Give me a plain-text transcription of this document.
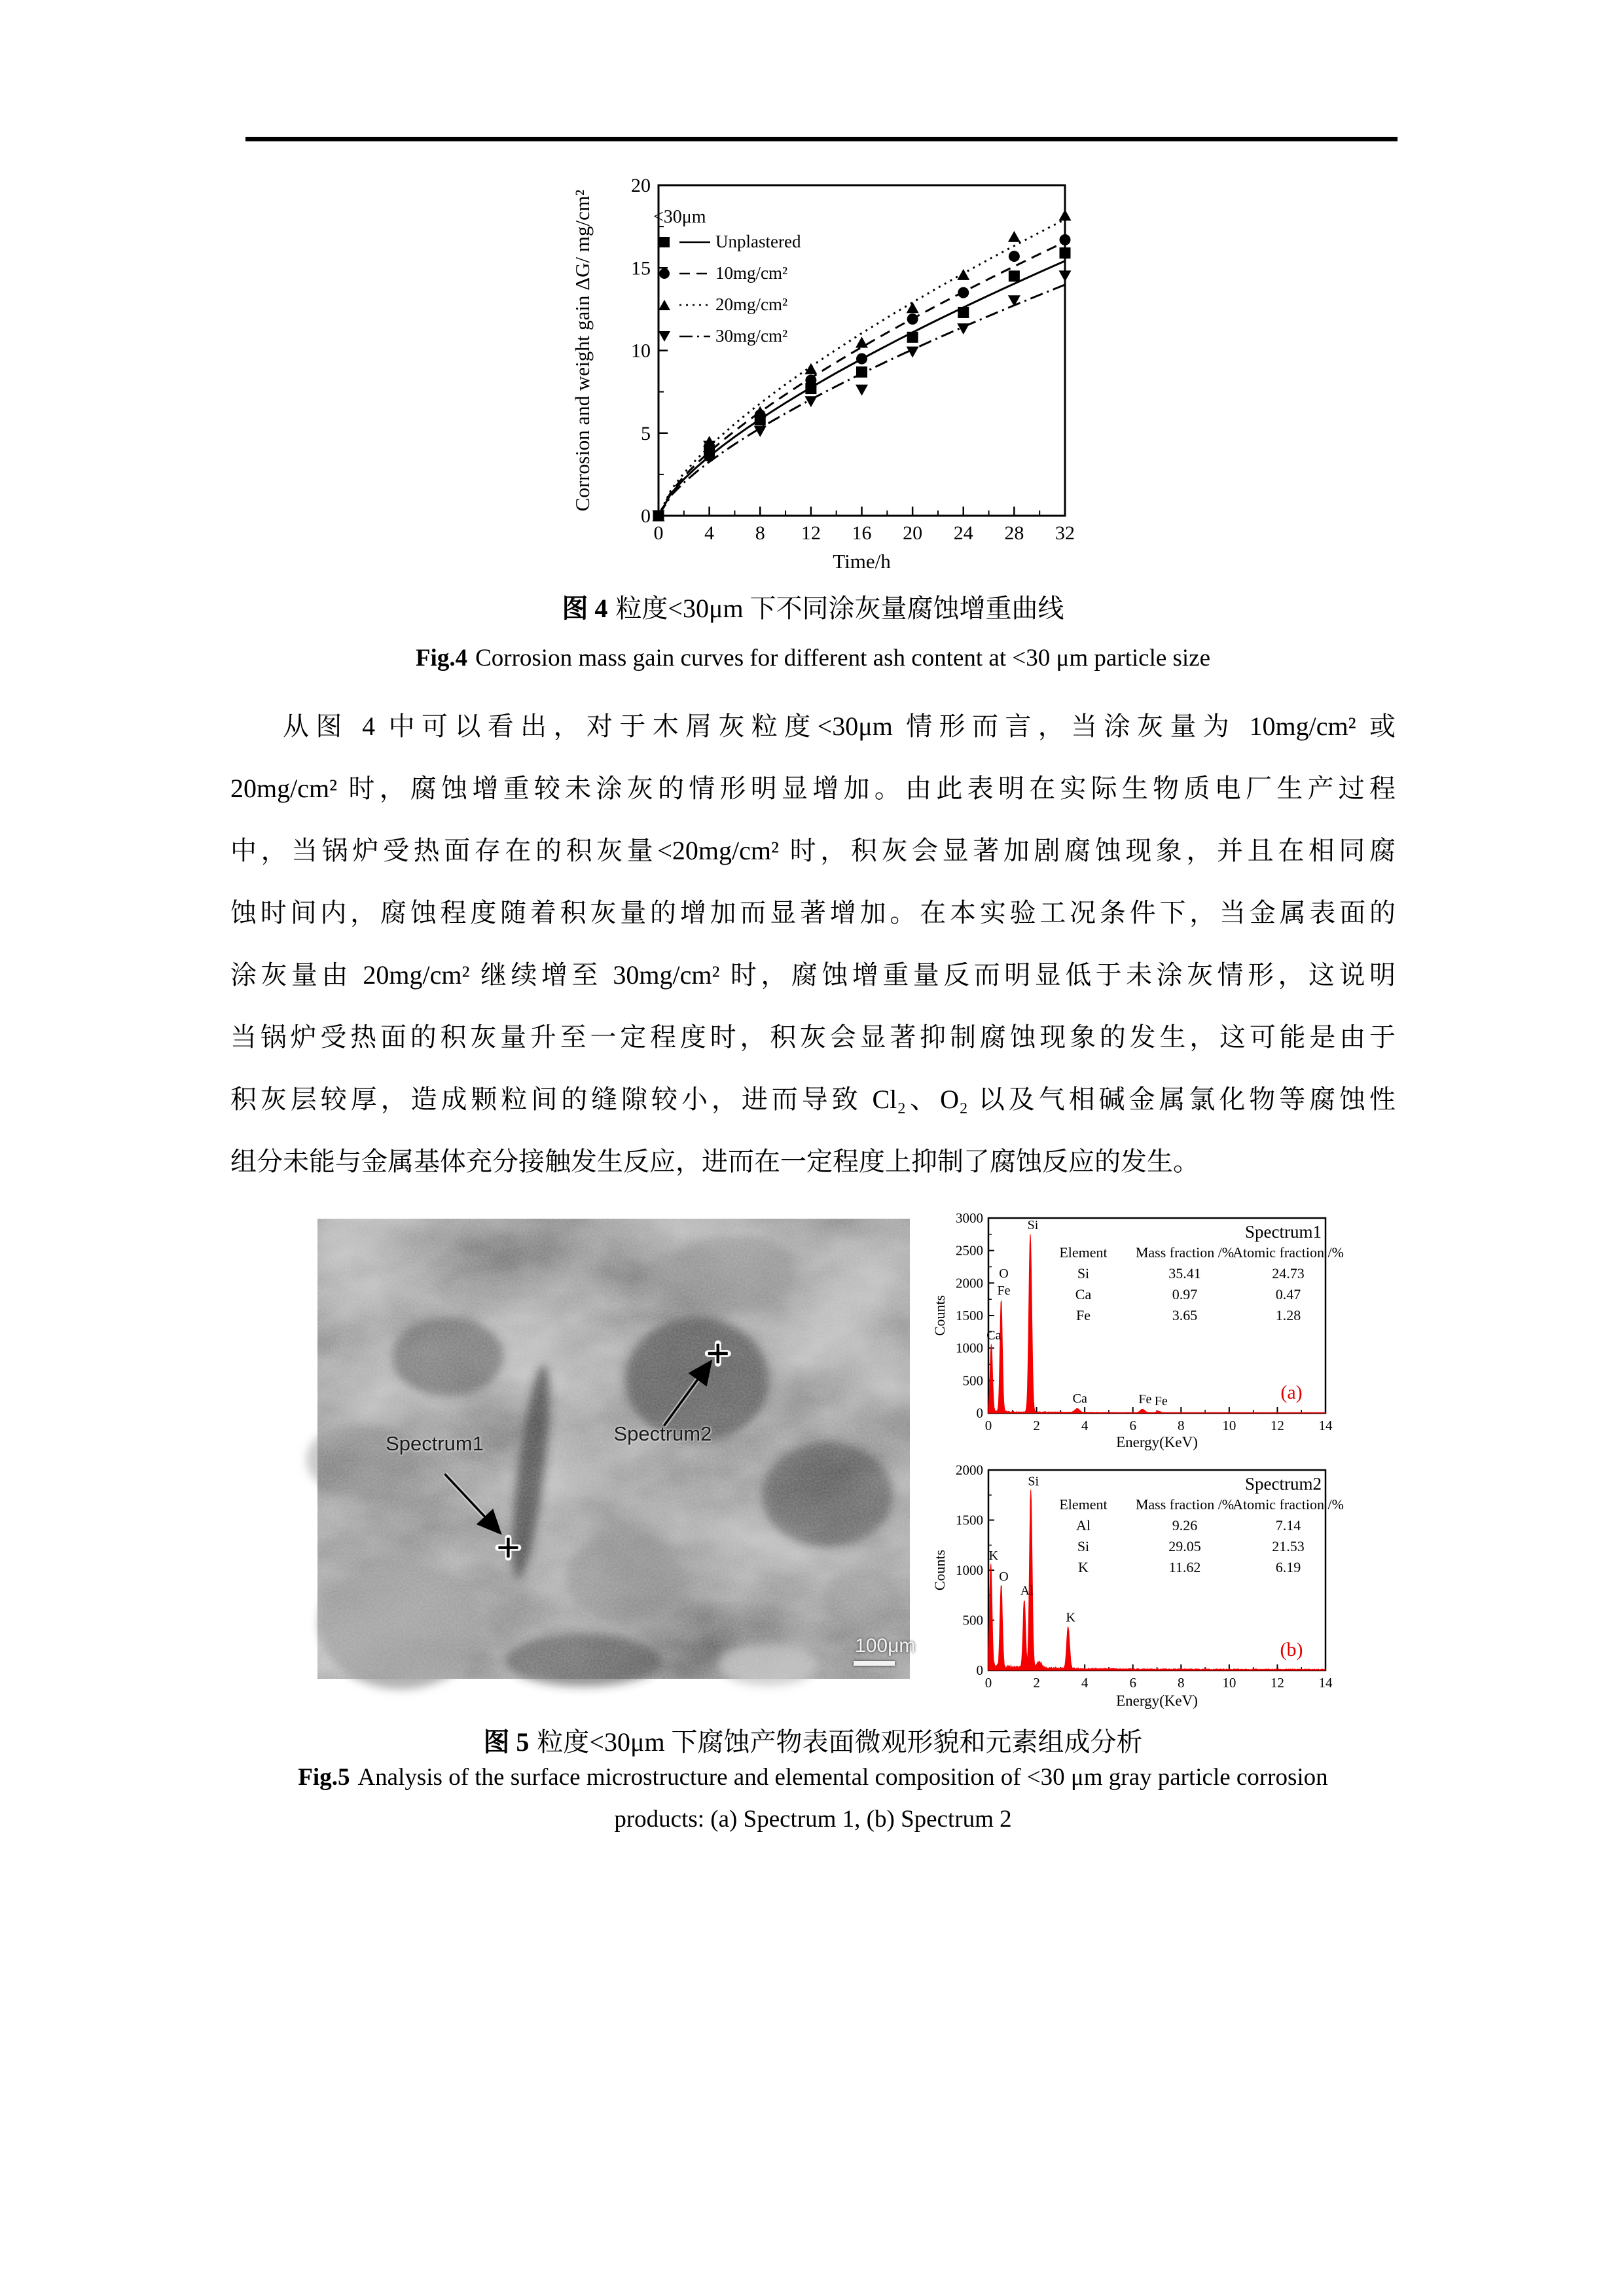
0 4 8 12 16 20 24 28 32
Time/h
0
5
10
15
20
Corrosion and weight gain ΔG/ mg/cm²	<30μm
Unplastered
10mg/cm²
20mg/cm²
30mg/cm²
图 4 粒度<30μm 下不同涂灰量腐蚀增重曲线
Fig.4 Corrosion mass gain curves for different ash content at <30 μm particle size
从图 4 中可以看出，对于木屑灰粒度<30μm 情形而言，当涂灰量为 10mg/cm² 或
20mg/cm² 时，腐蚀增重较未涂灰的情形明显增加。由此表明在实际生物质电厂生产过程
中，当锅炉受热面存在的积灰量<20mg/cm² 时，积灰会显著加剧腐蚀现象，并且在相同腐
蚀时间内，腐蚀程度随着积灰量的增加而显著增加。在本实验工况条件下，当金属表面的
涂灰量由 20mg/cm² 继续增至 30mg/cm² 时，腐蚀增重量反而明显低于未涂灰情形，这说明
当锅炉受热面的积灰量升至一定程度时，积灰会显著抑制腐蚀现象的发生，这可能是由于
积灰层较厚，造成颗粒间的缝隙较小，进而导致 Cl₂、O₂ 以及气相碱金属氯化物等腐蚀性
组分未能与金属基体充分接触发生反应，进而在一定程度上抑制了腐蚀反应的发生。
Spectrum1	Spectrum2
100μm
0	2	4	6	8	10	12	14
0
500
1000
1500
2000
2500
3000
Energy(KeV)
Counts	Ca
O
Fe
Si
Ca	Fe Fe
Spectrum1
Element Mass fraction /%
Atomic fraction /%
Si	35.41	24.73
Ca	0.97	0.47
Fe	3.65	1.28
(a)
0	2	4	6	8	10	12	14
0
500
1000
1500
2000
Energy(KeV)
Counts	K
O
Al
Si
K
Spectrum2
Element Mass fraction /%
Atomic fraction /%
Al	9.26	7.14
Si	29.05	21.53
K	11.62	6.19
(b)
图 5 粒度<30μm 下腐蚀产物表面微观形貌和元素组成分析
Fig.5 Analysis of the surface microstructure and elemental composition of <30 μm gray particle corrosion
products: (a) Spectrum 1, (b) Spectrum 2
